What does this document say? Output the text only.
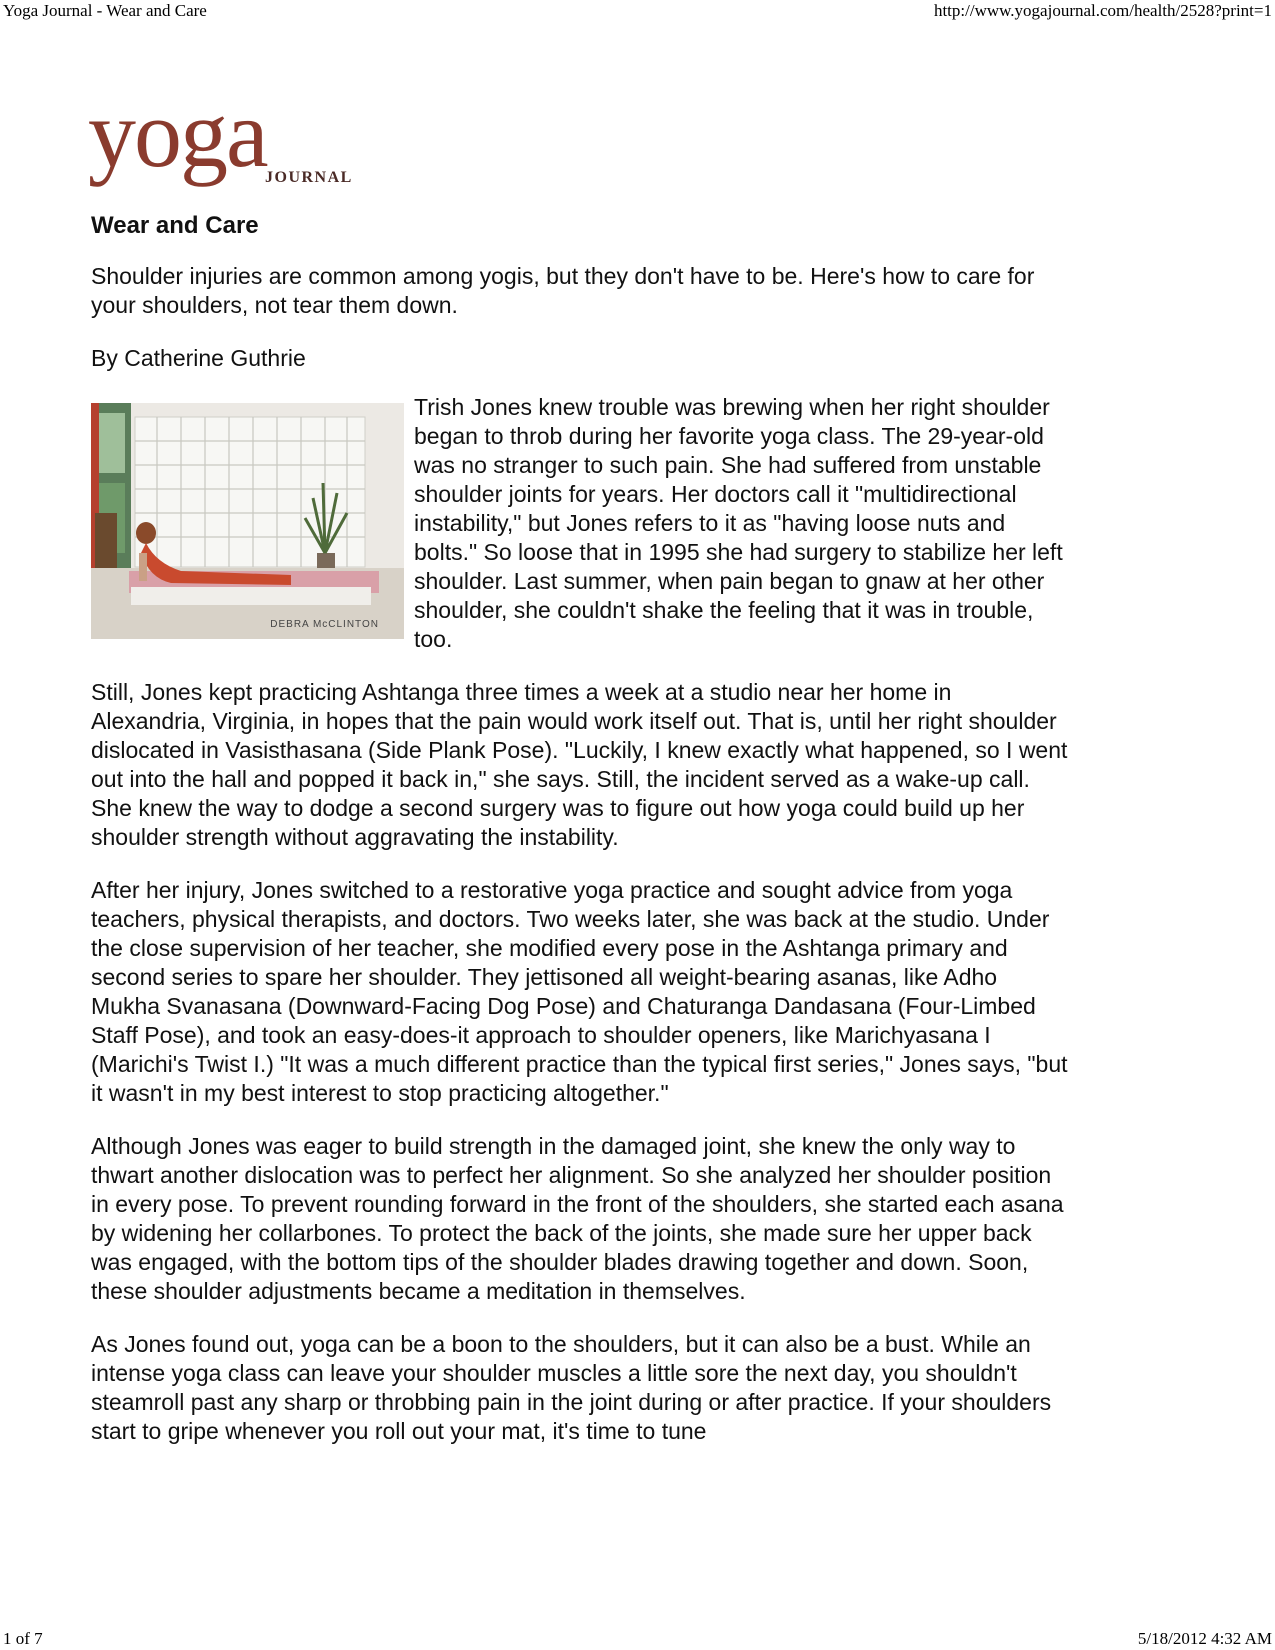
Yoga Journal - Wear and Care	http://www.yogajournal.com/health/2528?print=1
yoga
JOURNAL
Wear and Care

Shoulder injuries are common among yogis, but they don't have to be. Here's how to care for your shoulders, not tear them down.

By Catherine Guthrie

DEBRA McCLINTON

Trish Jones knew trouble was brewing when her right shoulder began to throb during her favorite yoga class. The 29-year-old was no stranger to such pain. She had suffered from unstable shoulder joints for years. Her doctors call it "multidirectional instability," but Jones refers to it as "having loose nuts and bolts." So loose that in 1995 she had surgery to stabilize her left shoulder. Last summer, when pain began to gnaw at her other shoulder, she couldn't shake the feeling that it was in trouble, too.

Still, Jones kept practicing Ashtanga three times a week at a studio near her home in Alexandria, Virginia, in hopes that the pain would work itself out. That is, until her right shoulder dislocated in Vasisthasana (Side Plank Pose). "Luckily, I knew exactly what happened, so I went out into the hall and popped it back in," she says. Still, the incident served as a wake-up call. She knew the way to dodge a second surgery was to figure out how yoga could build up her shoulder strength without aggravating the instability.

After her injury, Jones switched to a restorative yoga practice and sought advice from yoga teachers, physical therapists, and doctors. Two weeks later, she was back at the studio. Under the close supervision of her teacher, she modified every pose in the Ashtanga primary and second series to spare her shoulder. They jettisoned all weight-bearing asanas, like Adho Mukha Svanasana (Downward-Facing Dog Pose) and Chaturanga Dandasana (Four-Limbed Staff Pose), and took an easy-does-it approach to shoulder openers, like Marichyasana I (Marichi's Twist I.) "It was a much different practice than the typical first series," Jones says, "but it wasn't in my best interest to stop practicing altogether."

Although Jones was eager to build strength in the damaged joint, she knew the only way to thwart another dislocation was to perfect her alignment. So she analyzed her shoulder position in every pose. To prevent rounding forward in the front of the shoulders, she started each asana by widening her collarbones. To protect the back of the joints, she made sure her upper back was engaged, with the bottom tips of the shoulder blades drawing together and down. Soon, these shoulder adjustments became a meditation in themselves.

As Jones found out, yoga can be a boon to the shoulders, but it can also be a bust. While an intense yoga class can leave your shoulder muscles a little sore the next day, you shouldn't steamroll past any sharp or throbbing pain in the joint during or after practice. If your shoulders start to gripe whenever you roll out your mat, it's time to tune

1 of 7	5/18/2012 4:32 AM
